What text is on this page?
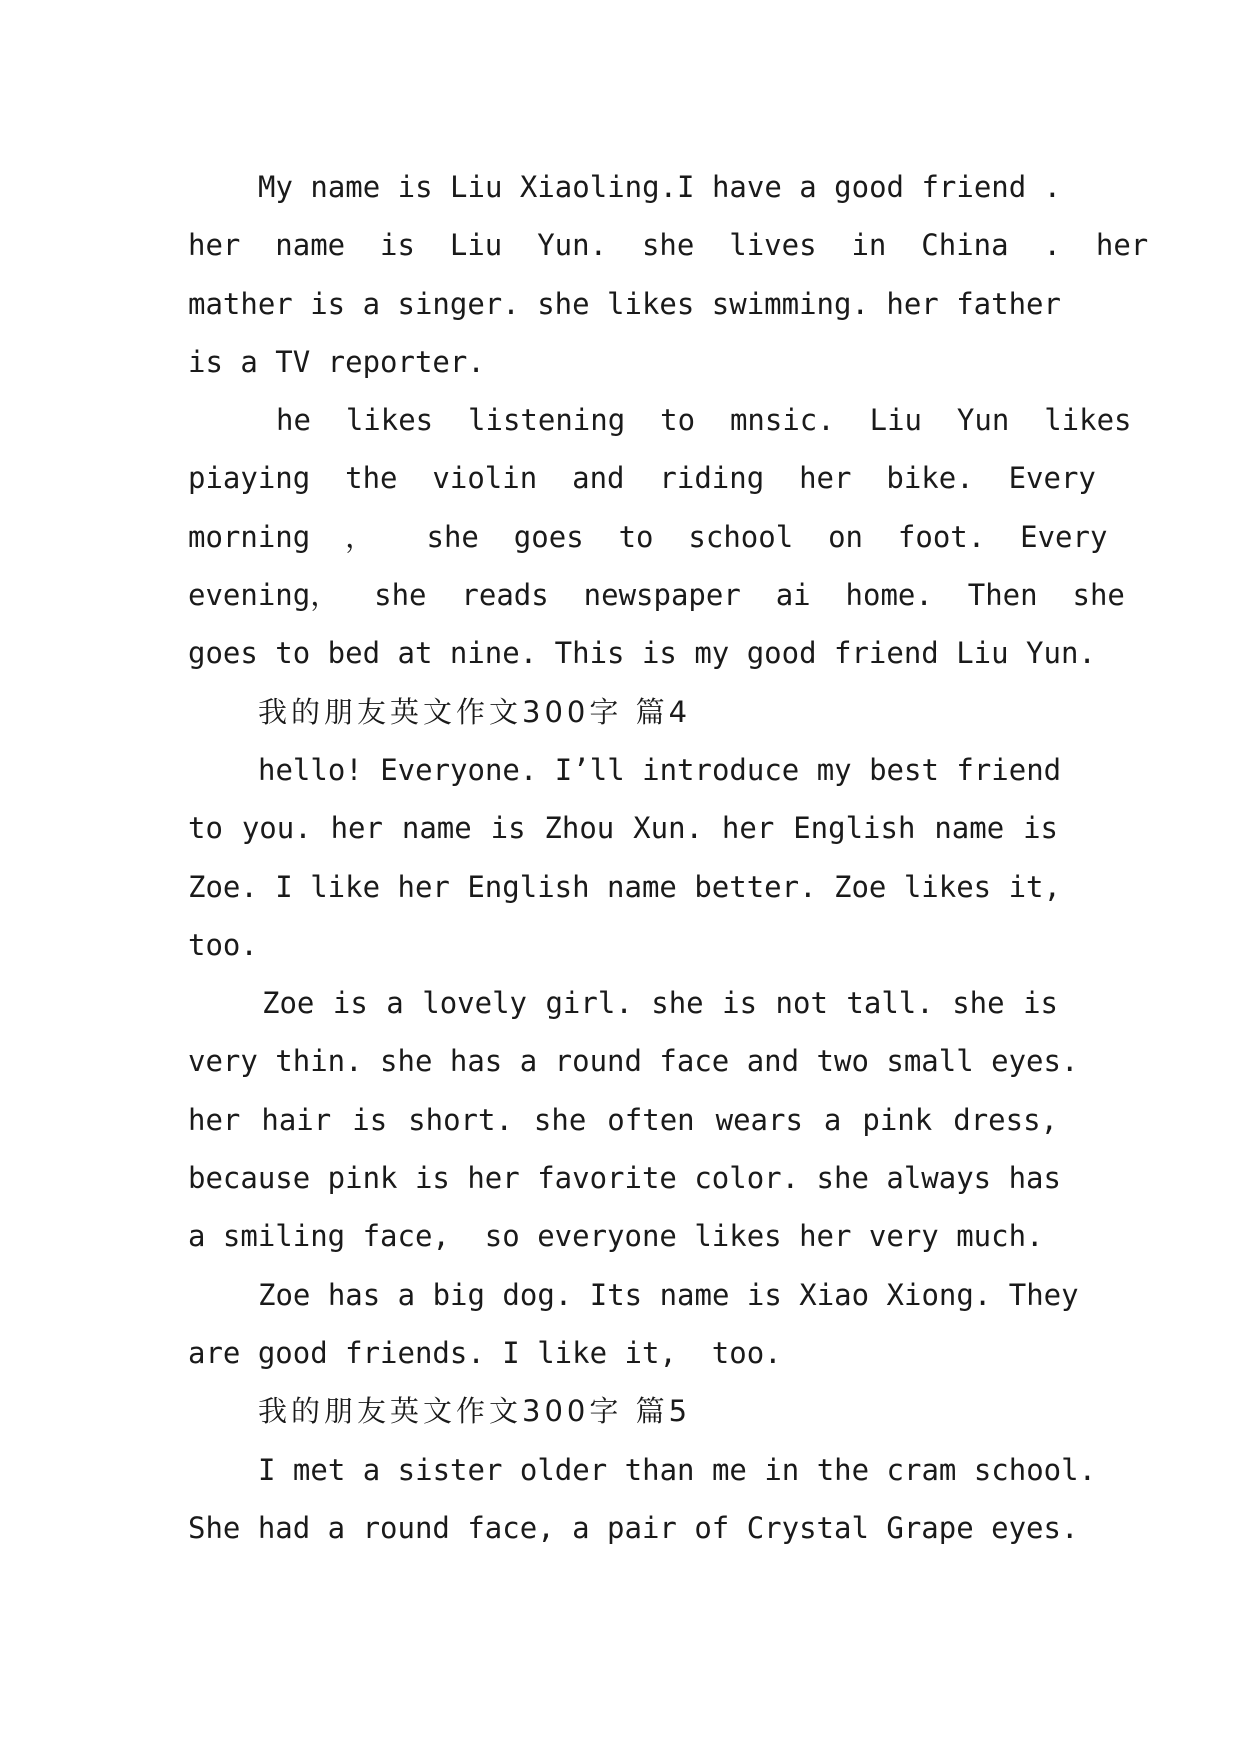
My name is Liu Xiaoling.I have a good friend .
her  name  is  Liu  Yun.  she  lives  in  China  .  her
mather is a singer. she likes swimming. her father
is a TV reporter.
he  likes  listening  to  mnsic.  Liu  Yun  likes
piaying  the  violin  and  riding  her  bike.  Every
morning  ，   she  goes  to  school  on  foot.  Every
evening，  she  reads  newspaper  ai  home.  Then  she
goes to bed at nine. This is my good friend Liu Yun.
我的朋友英文作文300字 篇4
hello! Everyone. I’ll introduce my best friend
to you. her name is Zhou Xun. her English name is
Zoe. I like her English name better. Zoe likes it,
too.
Zoe is a lovely girl. she is not tall. she is
very thin. she has a round face and two small eyes.
her hair is short. she often wears a pink dress,
because pink is her favorite color. she always has
a smiling face,  so everyone likes her very much.
Zoe has a big dog. Its name is Xiao Xiong. They
are good friends. I like it,  too.
我的朋友英文作文300字 篇5
I met a sister older than me in the cram school.
She had a round face, a pair of Crystal Grape eyes.
